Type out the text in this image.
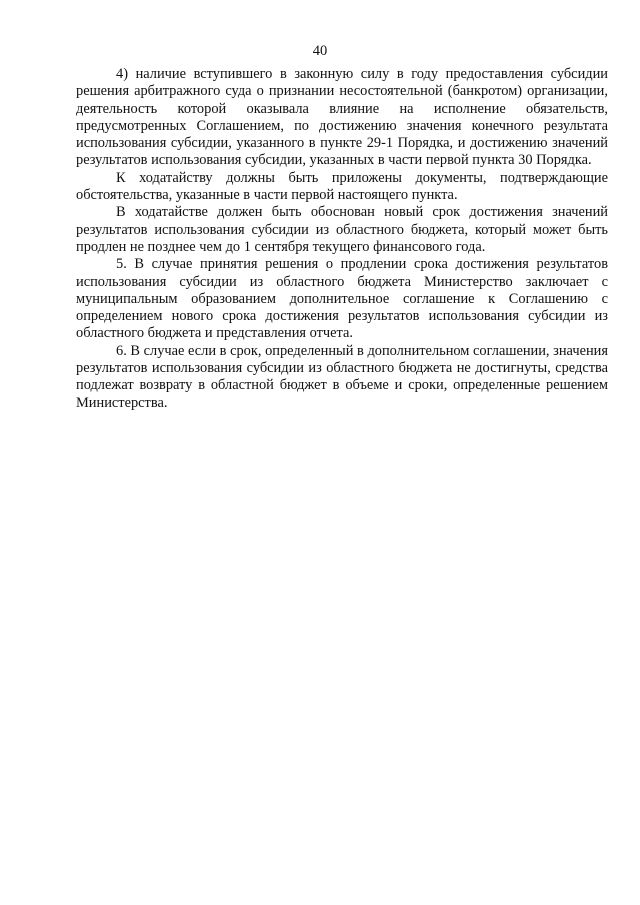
40

4) наличие вступившего в законную силу в году предоставления субсидии решения арбитражного суда о признании несостоятельной (банкротом) организации, деятельность которой оказывала влияние на исполнение обязательств, предусмотренных Соглашением, по достижению значения конечного результата использования субсидии, указанного в пункте 29-1 Порядка, и достижению значений результатов использования субсидии, указанных в части первой пункта 30 Порядка.

К ходатайству должны быть приложены документы, подтверждающие обстоятельства, указанные в части первой настоящего пункта.

В ходатайстве должен быть обоснован новый срок достижения значений результатов использования субсидии из областного бюджета, который может быть продлен не позднее чем до 1 сентября текущего финансового года.

5. В случае принятия решения о продлении срока достижения результатов использования субсидии из областного бюджета Министерство заключает с муниципальным образованием дополнительное соглашение к Соглашению с определением нового срока достижения результатов использования субсидии из областного бюджета и представления отчета.

6. В случае если в срок, определенный в дополнительном соглашении, значения результатов использования субсидии из областного бюджета не достигнуты, средства подлежат возврату в областной бюджет в объеме и сроки, определенные решением Министерства.
